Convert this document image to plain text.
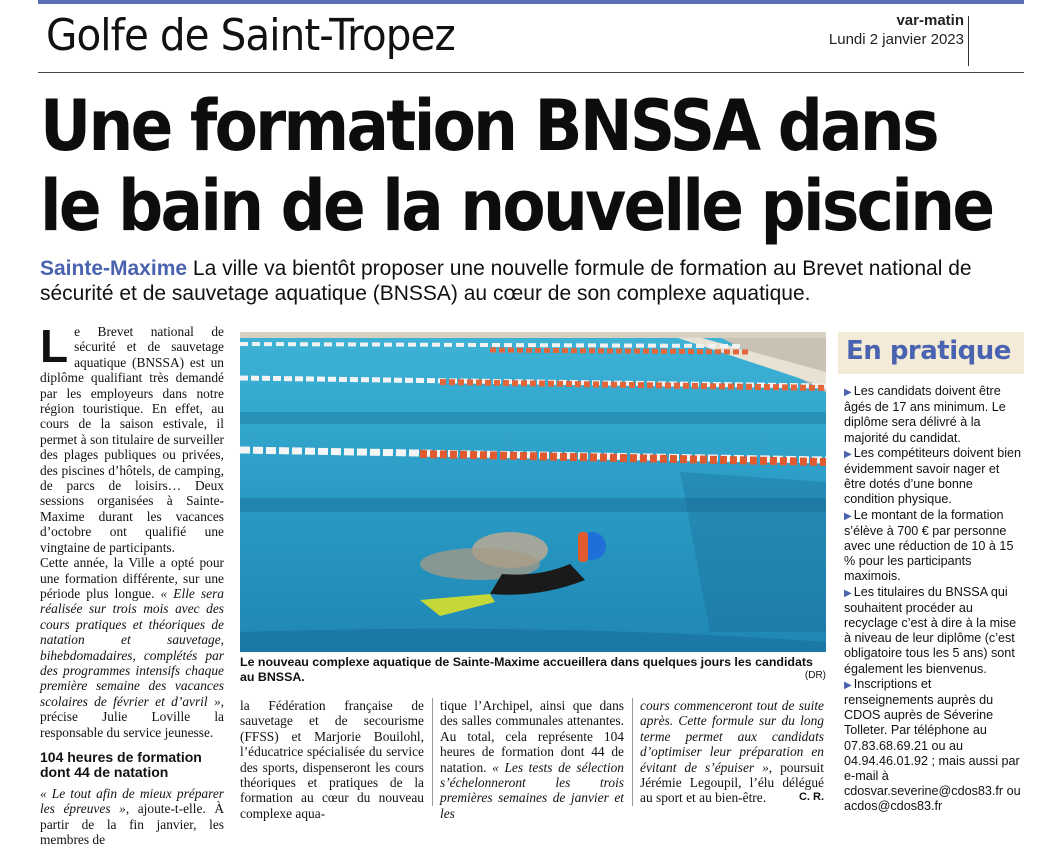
Golfe de Saint-Tropez	var-matin
Lundi 2 janvier 2023
Une formation BNSSA dans
le bain de la nouvelle piscine
Sainte-Maxime La ville va bientôt proposer une nouvelle formule de formation au Brevet national de sécurité et de sauvetage aquatique (BNSSA) au cœur de son complexe aquatique.

Le Brevet national de sécurité et de sauvetage aquatique (BNSSA) est un diplôme qualifiant très demandé par les employeurs dans notre région touristique. En effet, au cours de la saison estivale, il permet à son titulaire de surveiller des plages publiques ou privées, des piscines d’hôtels, de camping, de parcs de loisirs… Deux sessions organisées à Sainte-Maxime durant les vacances d’octobre ont qualifié une vingtaine de participants.

Cette année, la Ville a opté pour une formation différente, sur une période plus longue. « Elle sera réalisée sur trois mois avec des cours pratiques et théoriques de natation et sauvetage, bihebdomadaires, complétés par des programmes intensifs chaque première semaine des vacances scolaires de février et d’avril », précise Julie Loville la responsable du service jeunesse.

104 heures de formation dont 44 de natation

« Le tout afin de mieux préparer les épreuves », ajoute-t-elle. À partir de la fin janvier, les membres de

Le nouveau complexe aquatique de Sainte-Maxime accueillera dans quelques jours les candidats au BNSSA.	(DR)
la Fédération française de sauvetage et de secourisme (FFSS) et Marjorie Bouilohl, l’éducatrice spécialisée du service des sports, dispenseront les cours théoriques et pratiques de la formation au cœur du nouveau complexe aqua-
tique l’Archipel, ainsi que dans des salles communales attenantes. Au total, cela représente 104 heures de formation dont 44 de natation. « Les tests de sélection s’échelonneront les trois premières semaines de janvier et les
cours commenceront tout de suite après. Cette formule sur du long terme permet aux candidats d’optimiser leur préparation en évitant de s’épuiser », poursuit Jérémie Legoupil, l’élu délégué au sport et au bien-être.	C. R.
En pratique
▶ Les candidats doivent être âgés de 17 ans minimum. Le diplôme sera délivré à la majorité du candidat.
▶ Les compétiteurs doivent bien évidemment savoir nager et être dotés d’une bonne condition physique.
▶ Le montant de la formation s’élève à 700 € par personne avec une réduction de 10 à 15 % pour les participants maximois.
▶ Les titulaires du BNSSA qui souhaitent procéder au recyclage c’est à dire à la mise à niveau de leur diplôme (c’est obligatoire tous les 5 ans) sont également les bienvenus.
▶ Inscriptions et renseignements auprès du CDOS auprès de Séverine Tolleter. Par téléphone au 07.83.68.69.21 ou au 04.94.46.01.92 ; mais aussi par e-mail à cdosvar.severine@cdos83.fr ou acdos@cdos83.fr
